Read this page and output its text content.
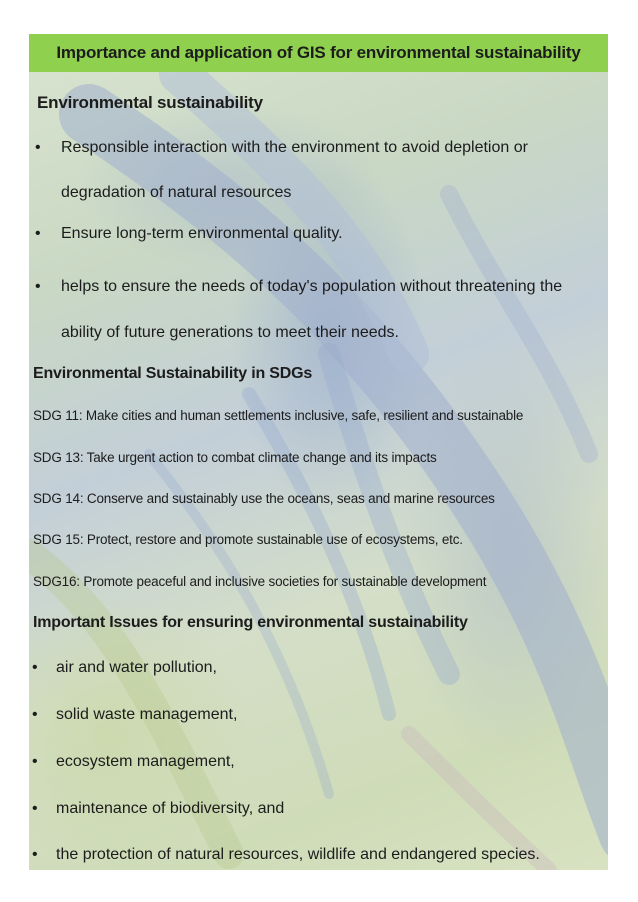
Importance and application of GIS for environmental sustainability
Environmental sustainability
• Responsible interaction with the environment to avoid depletion or
degradation of natural resources
• Ensure long-term environmental quality.
• helps to ensure the needs of today's population without threatening the
ability of future generations to meet their needs.
Environmental Sustainability in SDGs
SDG 11: Make cities and human settlements inclusive, safe, resilient and sustainable
SDG 13: Take urgent action to combat climate change and its impacts
SDG 14: Conserve and sustainably use the oceans, seas and marine resources
SDG 15: Protect, restore and promote sustainable use of ecosystems, etc.
SDG16: Promote peaceful and inclusive societies for sustainable development
Important Issues for ensuring environmental sustainability
• air and water pollution,
• solid waste management,
• ecosystem management,
• maintenance of biodiversity, and
• the protection of natural resources, wildlife and endangered species.
